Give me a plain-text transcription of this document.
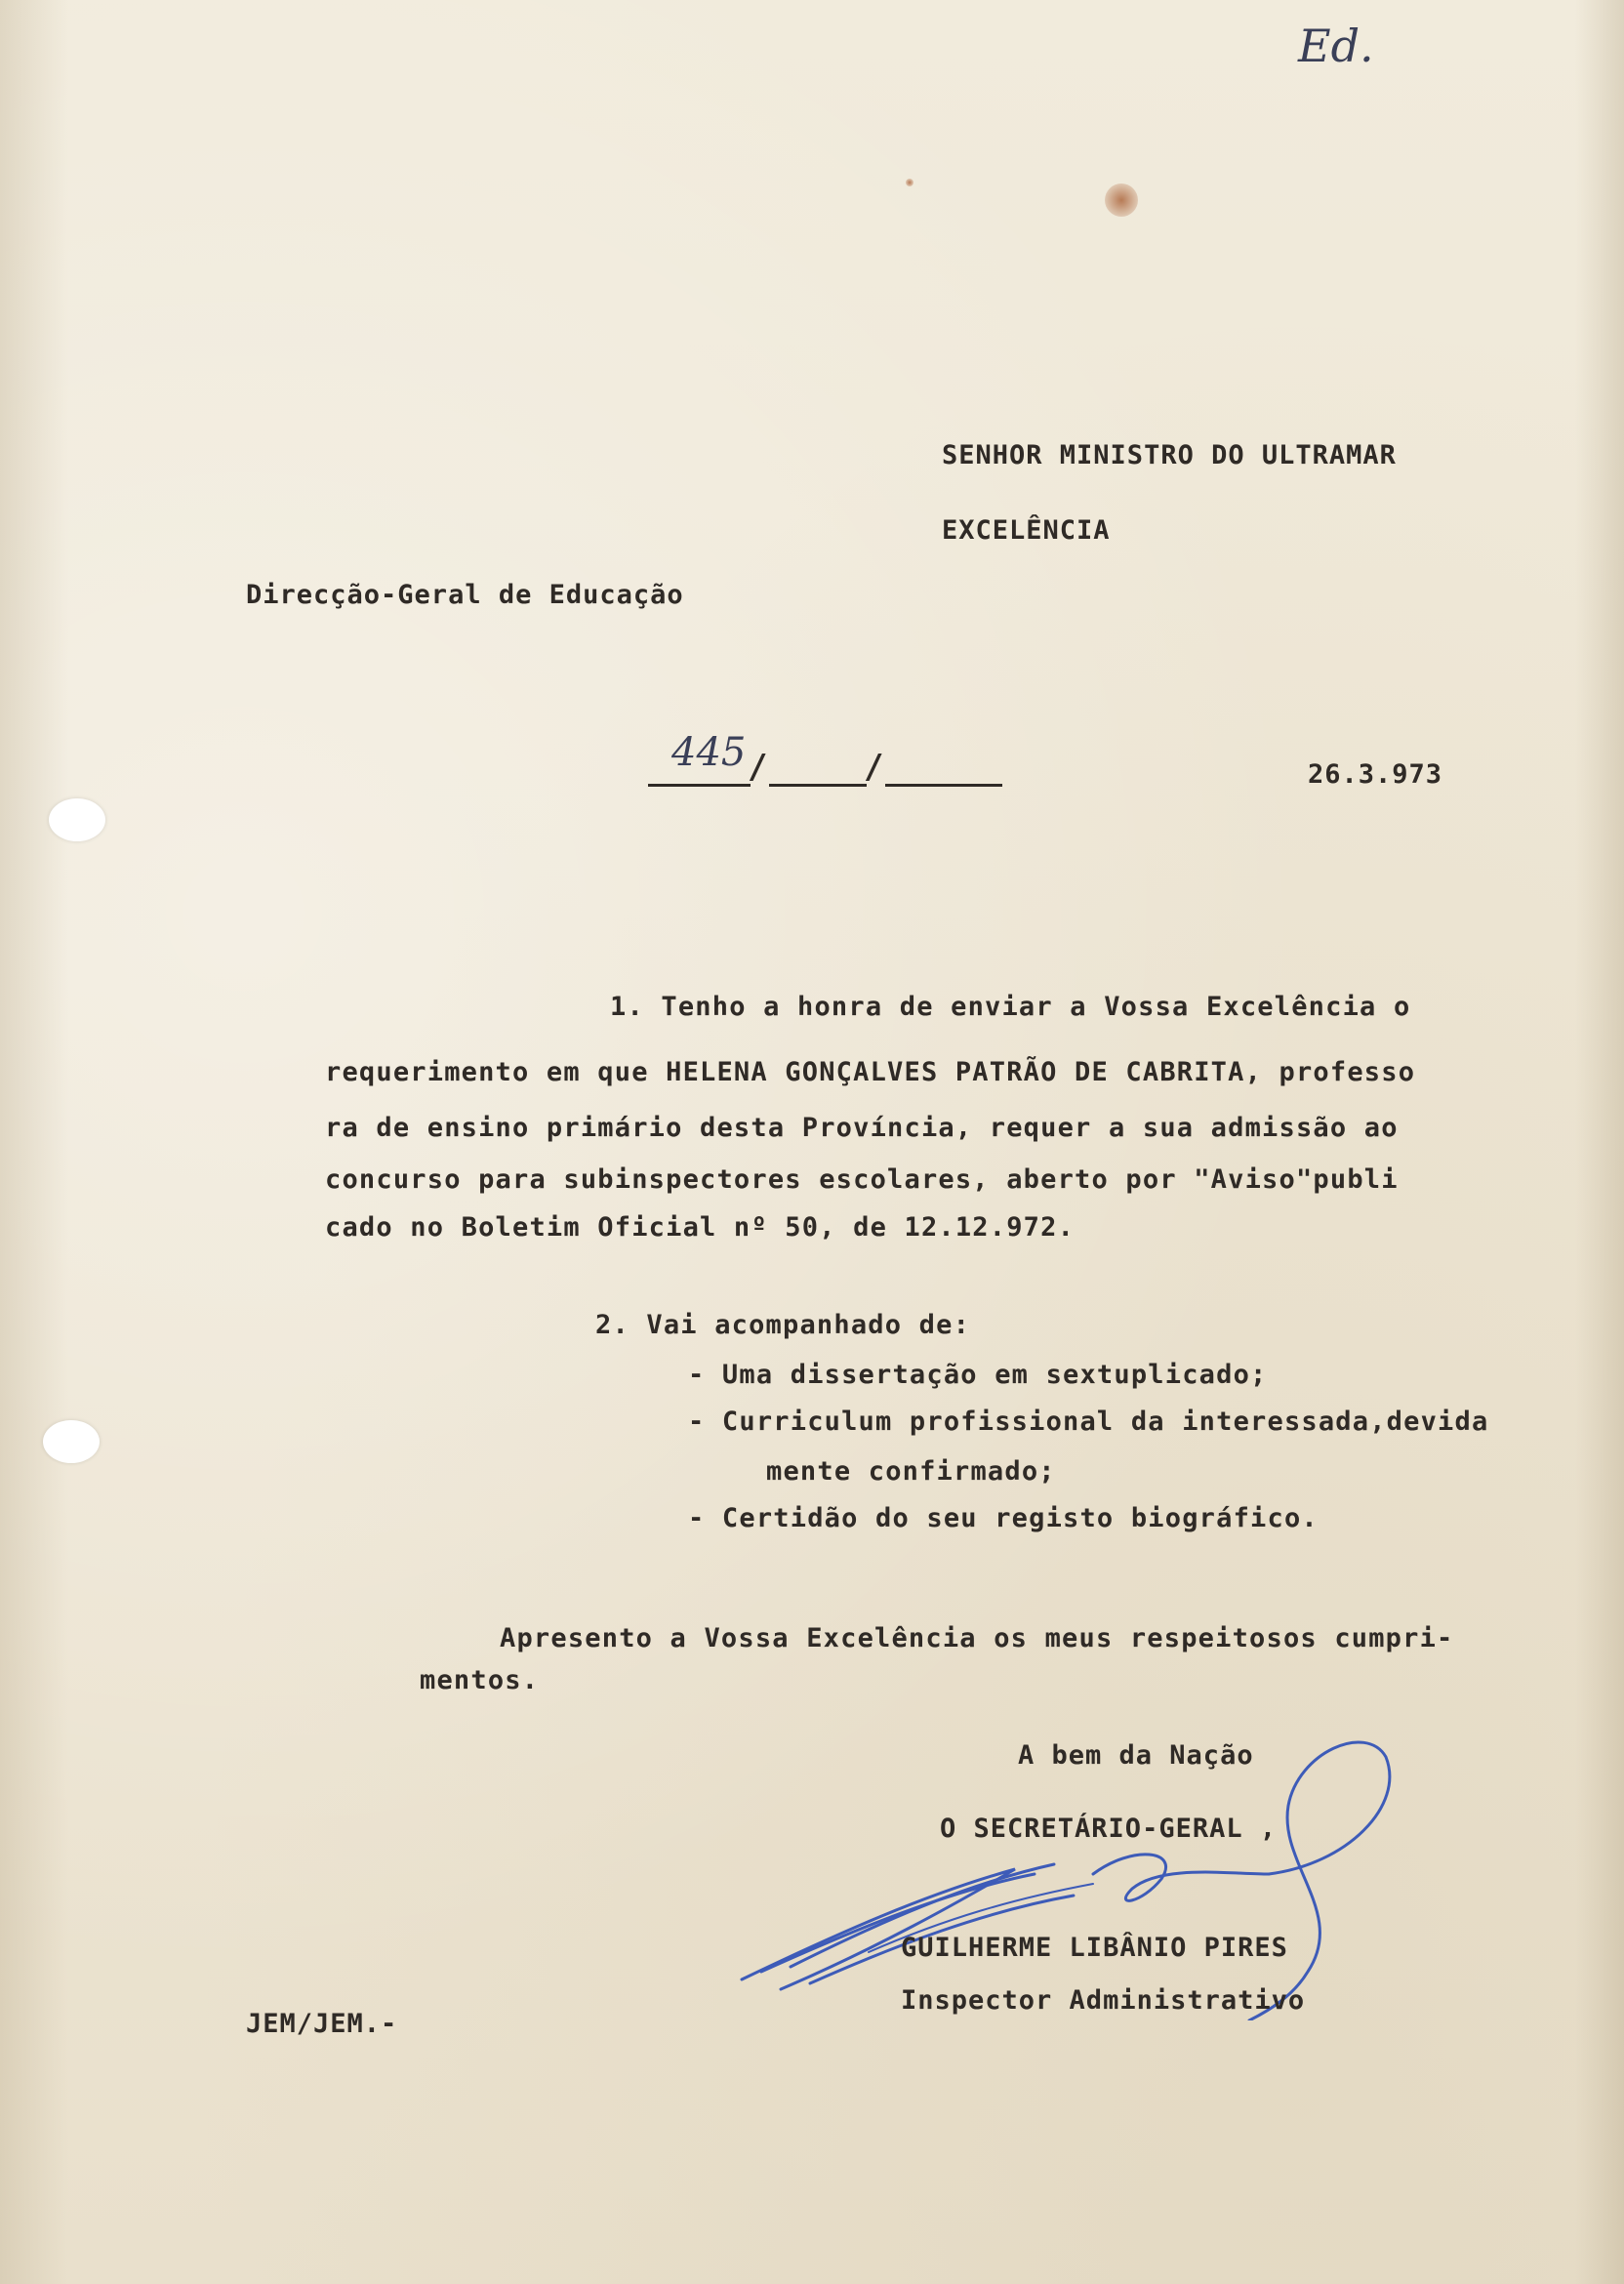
Ed.
SENHOR MINISTRO DO ULTRAMAR
EXCELÊNCIA
Direcção-Geral de Educação
445 /	/	26.3.973
1. Tenho a honra de enviar a Vossa Excelência o
requerimento em que HELENA GONÇALVES PATRÃO DE CABRITA, professo
ra de ensino primário desta Província, requer a sua admissão ao
concurso para subinspectores escolares, aberto por "Aviso"publi
cado no Boletim Oficial nº 50, de 12.12.972.
2. Vai acompanhado de:
- Uma dissertação em sextuplicado;
- Curriculum profissional da interessada,devida
mente confirmado;
- Certidão do seu registo biográfico.
Apresento a Vossa Excelência os meus respeitosos cumpri-
mentos.
A bem da Nação
O SECRETÁRIO-GERAL ,
GUILHERME LIBÂNIO PIRES
Inspector Administrativo
JEM/JEM.-
